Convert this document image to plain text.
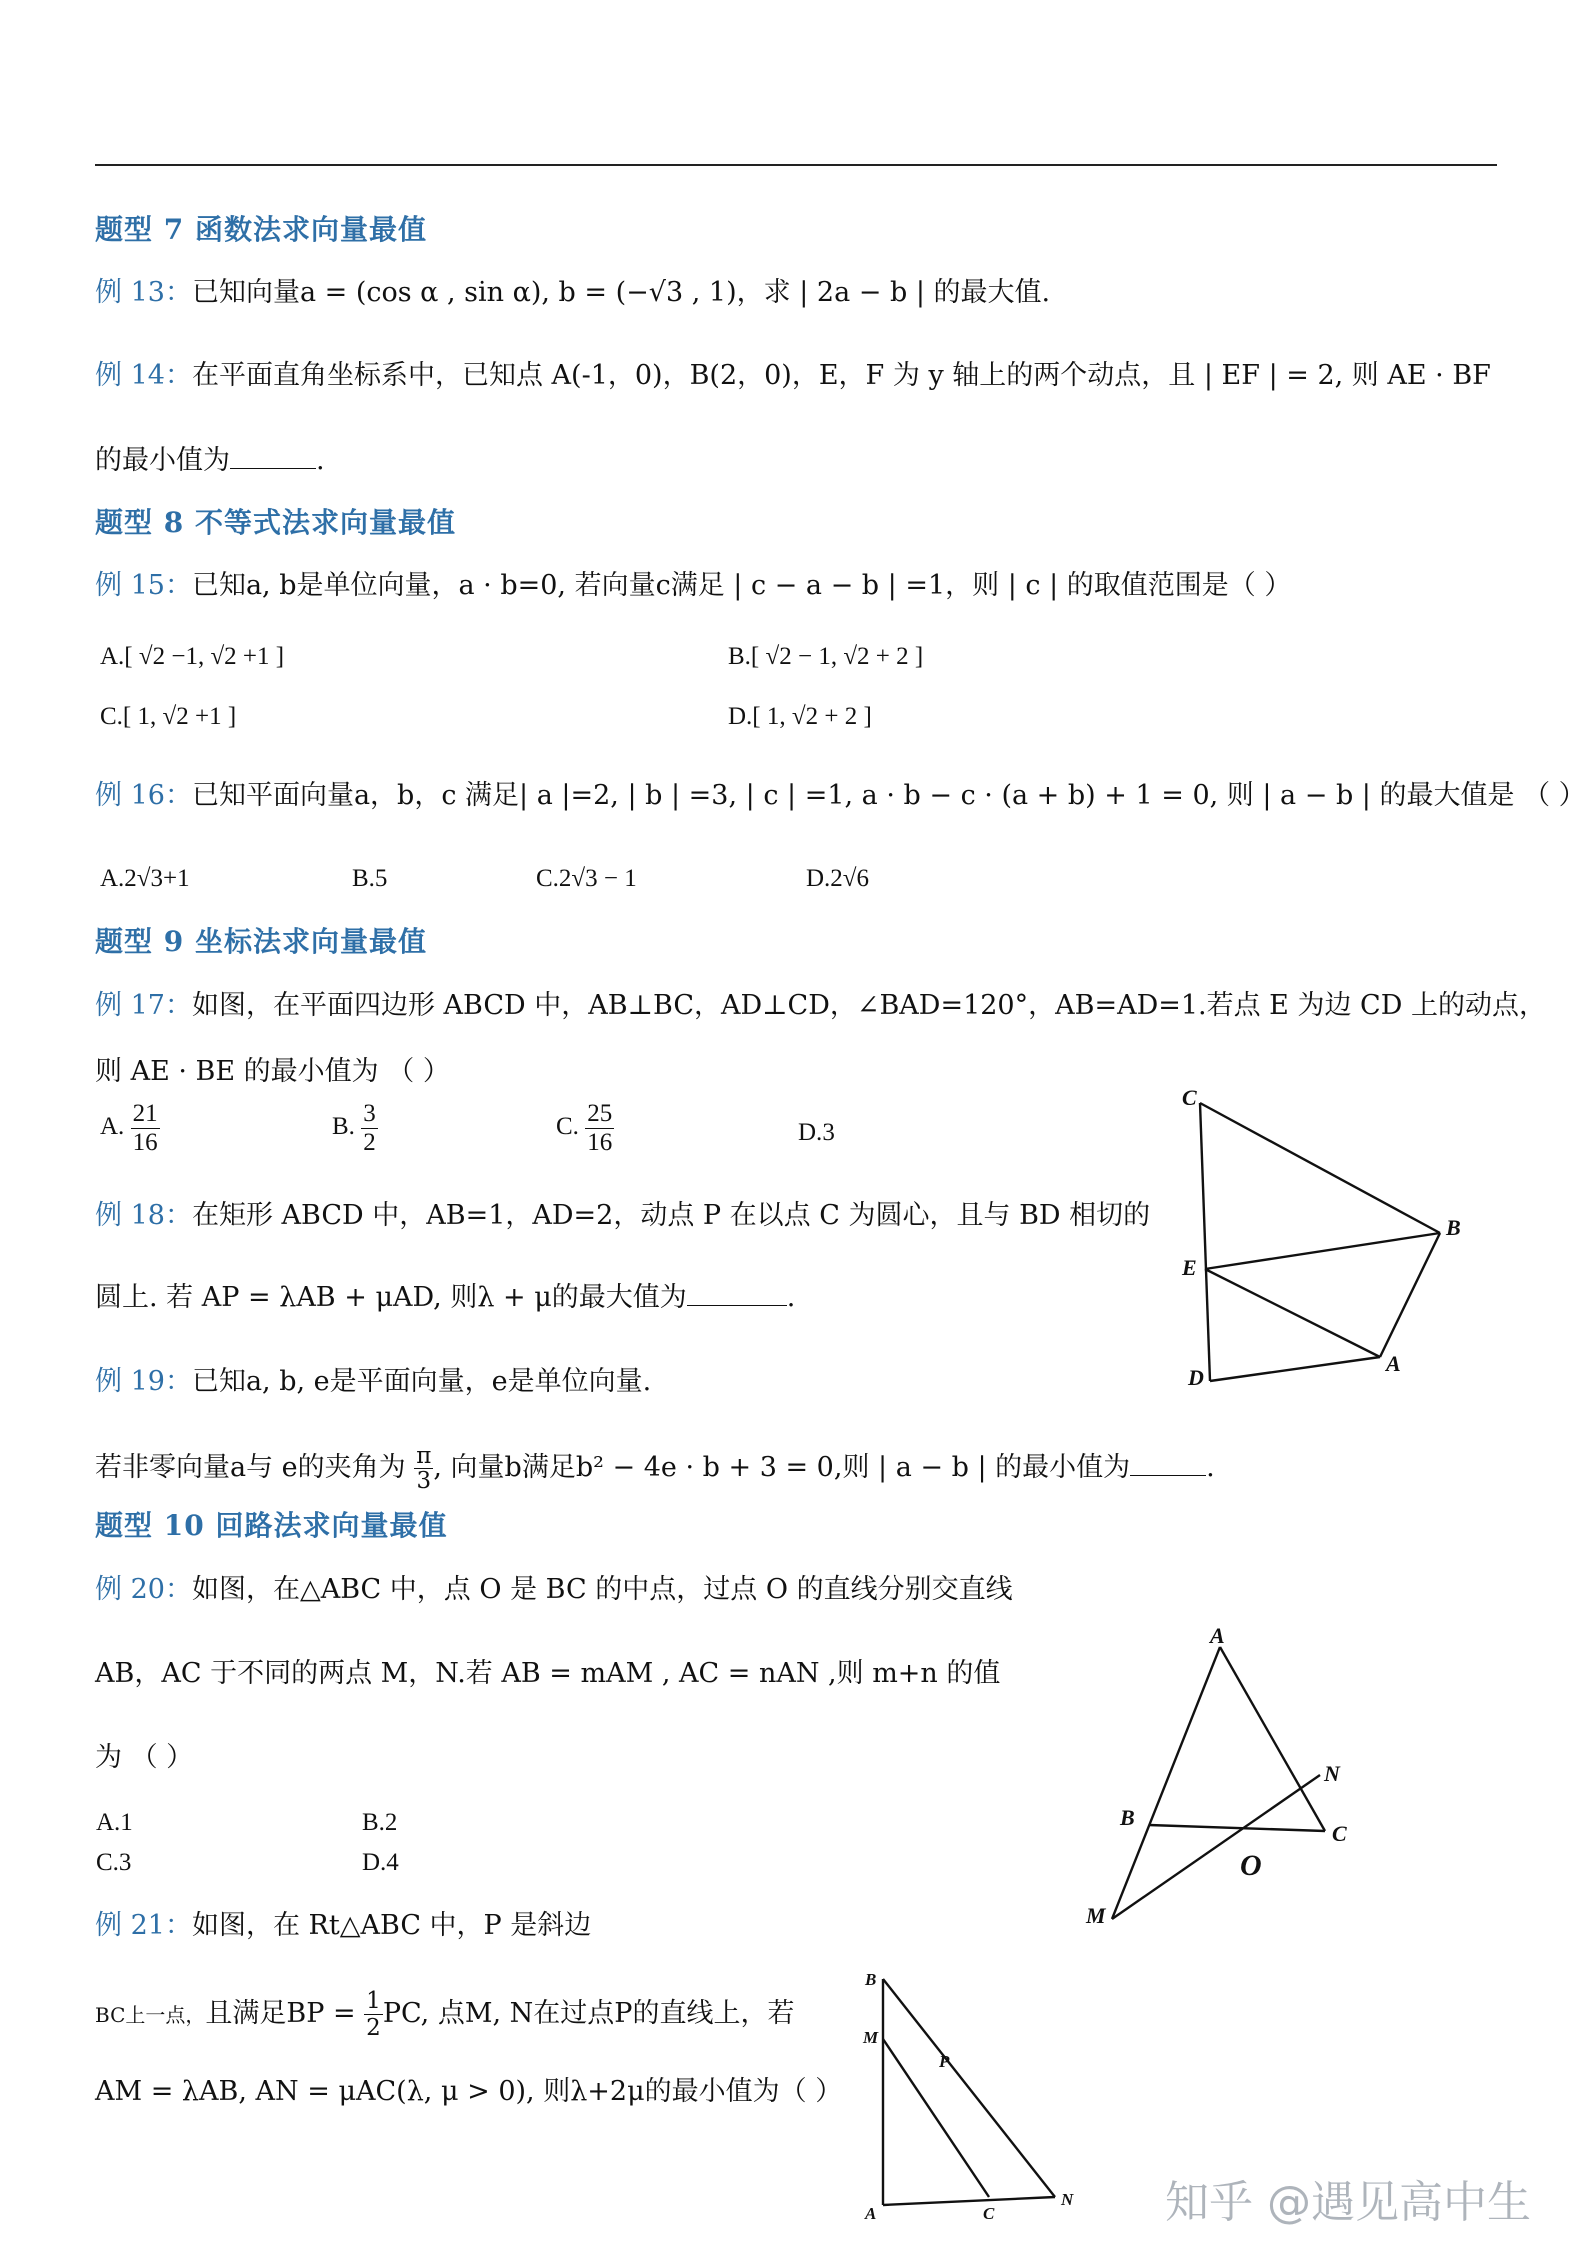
题型 7 函数法求向量最值
例 13：已知向量a = (cos α , sin α), b = (−√3 , 1)，求 | 2a − b | 的最大值.
例 14：在平面直角坐标系中，已知点 A(-1，0)，B(2，0)，E，F 为 y 轴上的两个动点，且 | EF | = 2, 则 AE · BF
的最小值为	.
题型 8 不等式法求向量最值
例 15：已知a, b是单位向量，a · b=0, 若向量c满足 | c − a − b | =1，则 | c | 的取值范围是（ ）
A.[ √2 −1, √2 +1 ]	B.[ √2 − 1, √2 + 2 ]
C.[ 1, √2 +1 ]	D.[ 1, √2 + 2 ]
例 16：已知平面向量a，b，c 满足| a |=2, | b | =3, | c | =1, a · b − c · (a + b) + 1 = 0, 则 | a − b | 的最大值是 （ ）
A.2√3+1	B.5	C.2√3 − 1	D.2√6
题型 9 坐标法求向量最值
例 17：如图，在平面四边形 ABCD 中，AB⊥BC，AD⊥CD，∠BAD=120°，AB=AD=1.若点 E 为边 CD 上的动点，
则 AE · BE 的最小值为 （ ）
A. $\frac{21}{16}$	B. $\frac{3}{2}$	C. $\frac{25}{16}$	D.3
例 18：在矩形 ABCD 中，AB=1，AD=2，动点 P 在以点 C 为圆心，且与 BD 相切的
圆上. 若 AP = λAB + μAD, 则λ + μ的最大值为	.
例 19：已知a, b, e是平面向量，e是单位向量.
若非零向量a与 e的夹角为 $\frac{\pi}{3}$ , 向量b满足b² − 4e · b + 3 = 0,则 | a − b | 的最小值为	.
题型 10 回路法求向量最值
例 20：如图，在△ABC 中，点 O 是 BC 的中点，过点 O 的直线分别交直线
AB，AC 于不同的两点 M，N.若 AB = mAM , AC = nAN ,则 m+n 的值
为 （ ）
A.1	B.2
C.3	D.4
例 21：如图，在 Rt△ABC 中，P 是斜边
BC上一点，且满足BP = $\frac{1}{2}$ PC, 点M, N在过点P的直线上，若
AM = λAB, AN = μAC(λ, μ > 0), 则λ+2μ的最小值为（ ）
C
B
E
A
D
A
N
B
C
O
M
B
M
P
A	C
N 知乎 @遇见高中生
